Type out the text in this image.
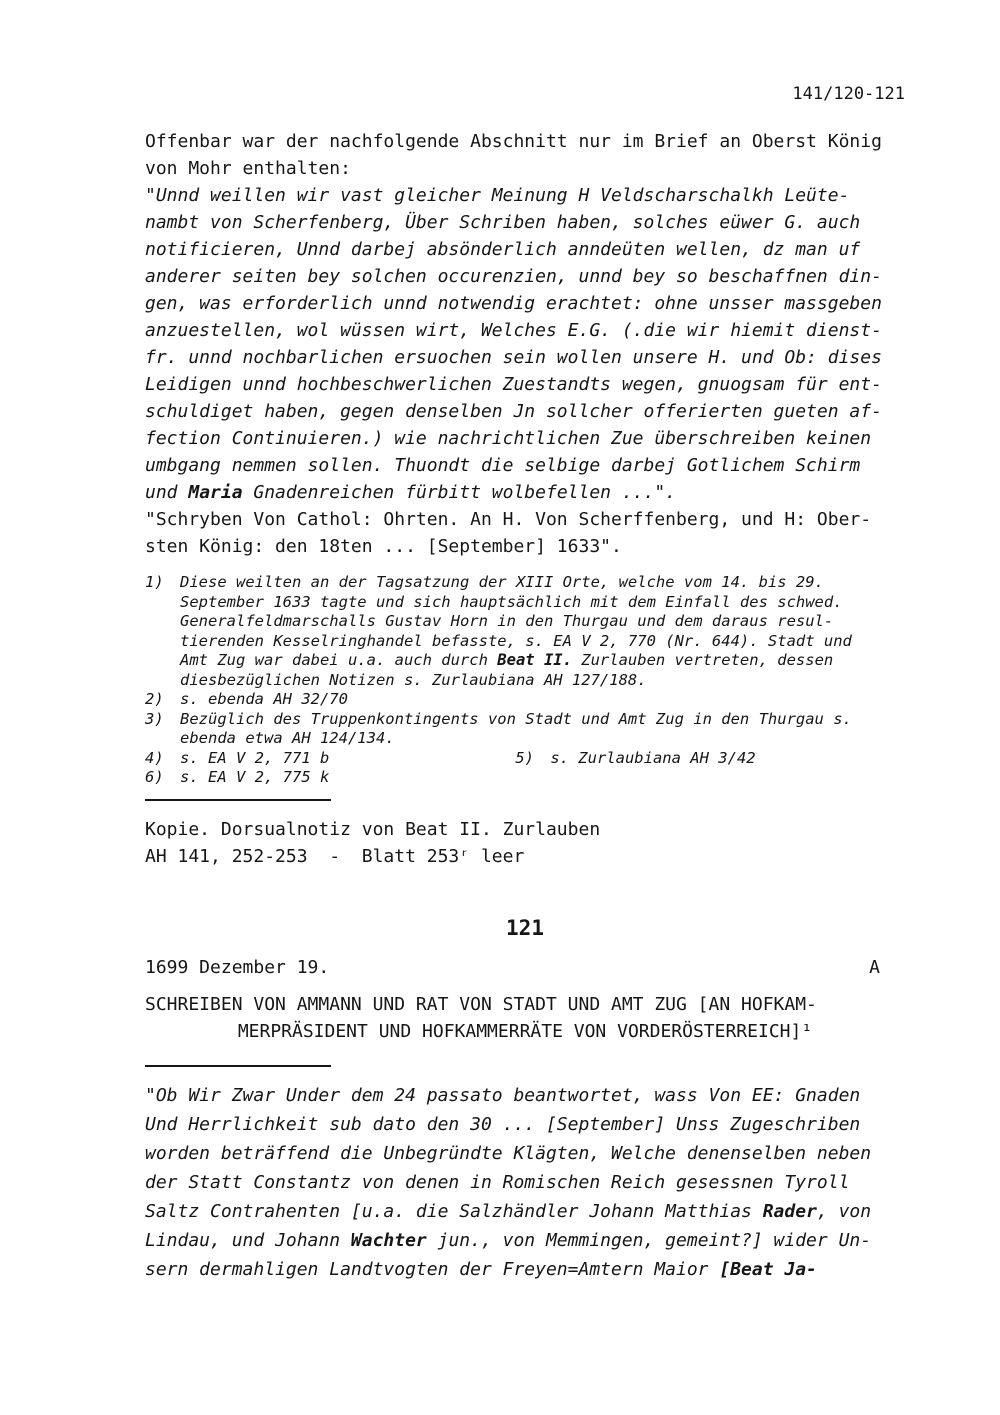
141/120-121
Offenbar war der nachfolgende Abschnitt nur im Brief an Oberst König
von Mohr enthalten:
"Unnd weillen wir vast gleicher Meinung H Veldscharschalkh Leüte-
nambt von Scherfenberg, Über Schriben haben, solches eüwer G. auch
notificieren, Unnd darbej absönderlich anndeüten wellen, dz man uf
anderer seiten bey solchen occurenzien, unnd bey so beschaffnen din-
gen, was erforderlich unnd notwendig erachtet: ohne unsser massgeben
anzuestellen, wol wüssen wirt, Welches E.G. (.die wir hiemit dienst-
fr. unnd nochbarlichen ersuochen sein wollen unsere H. und Ob: dises
Leidigen unnd hochbeschwerlichen Zuestandts wegen, gnuogsam für ent-
schuldiget haben, gegen denselben Jn sollcher offerierten gueten af-
fection Continuieren.) wie nachrichtlichen Zue überschreiben keinen
umbgang nemmen sollen. Thuondt die selbige darbej Gotlichem Schirm
und Maria Gnadenreichen fürbitt wolbefellen ...".
"Schryben Von Cathol: Ohrten. An H. Von Scherffenberg, und H: Ober-
sten König: den 18ten ... [September] 1633".
1)	Diese weilten an der Tagsatzung der XIII Orte, welche vom 14. bis 29.
September 1633 tagte und sich hauptsächlich mit dem Einfall des schwed.
Generalfeldmarschalls Gustav Horn in den Thurgau und dem daraus resul-
tierenden Kesselringhandel befasste, s. EA V 2, 770 (Nr. 644). Stadt und
Amt Zug war dabei u.a. auch durch Beat II. Zurlauben vertreten, dessen
diesbezüglichen Notizen s. Zurlaubiana AH 127/188.
2)	s. ebenda AH 32/70
3)	Bezüglich des Truppenkontingents von Stadt und Amt Zug in den Thurgau s.
ebenda etwa AH 124/134.
4)	s. EA V 2, 771 b	5)	s. Zurlaubiana AH 3/42
6)	s. EA V 2, 775 k
Kopie. Dorsualnotiz von Beat II. Zurlauben
AH 141, 252-253  -  Blatt 253ʳ leer
121
1699 Dezember 19.	A
SCHREIBEN VON AMMANN UND RAT VON STADT UND AMT ZUG [AN HOFKAM-
MERPRÄSIDENT UND HOFKAMMERRÄTE VON VORDERÖSTERREICH]¹
"Ob Wir Zwar Under dem 24 passato beantwortet, wass Von EE: Gnaden
Und Herrlichkeit sub dato den 30 ... [September] Unss Zugeschriben
worden beträffend die Unbegründte Klägten, Welche denenselben neben
der Statt Constantz von denen in Romischen Reich gesessnen Tyroll
Saltz Contrahenten [u.a. die Salzhändler Johann Matthias Rader, von
Lindau, und Johann Wachter jun., von Memmingen, gemeint?] wider Un-
sern dermahligen Landtvogten der Freyen=Amtern Maior [Beat Ja-
